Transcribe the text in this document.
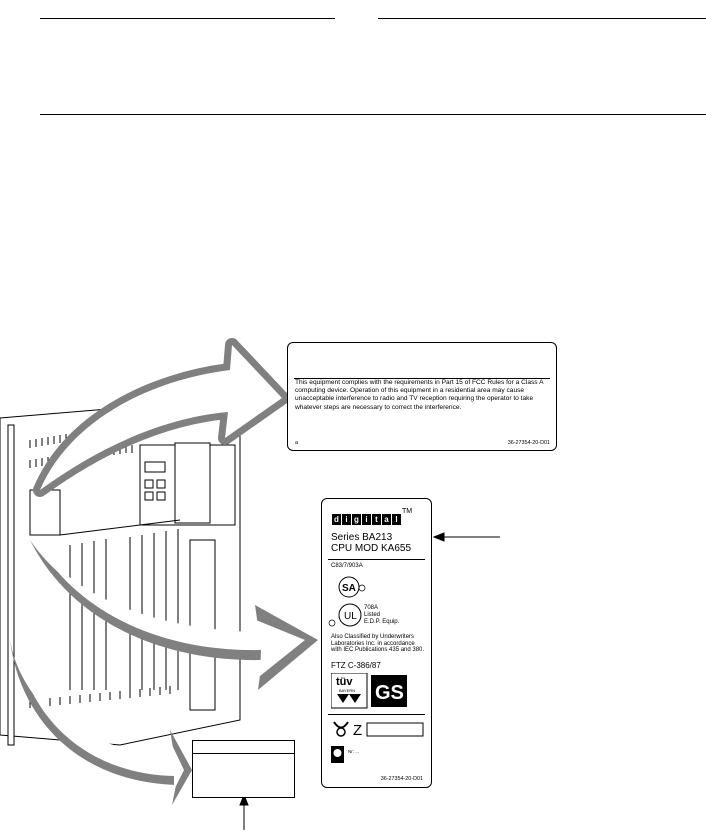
This equipment complies with the requirements in Part 15 of FCC Rules for a Class A computing device. Operation of this equipment in a residential area may cause unacceptable interference to radio and TV reception requiring the operator to take whatever steps are necessary to correct the interference.
a	36-27354-20-D01
d i g i t a l
TM
Series BA213
CPU MOD KA655
C83/7/903A
SA
UL
708A
Listed
E.D.P. Equip.
Also Classified by Underwriters Laboratories Inc. in accordance with IEC Publications 435 and 380.
FTZ C-386/87
tüv
BAYERN GS
Z
Nr: ...
36-27354-20-D01
